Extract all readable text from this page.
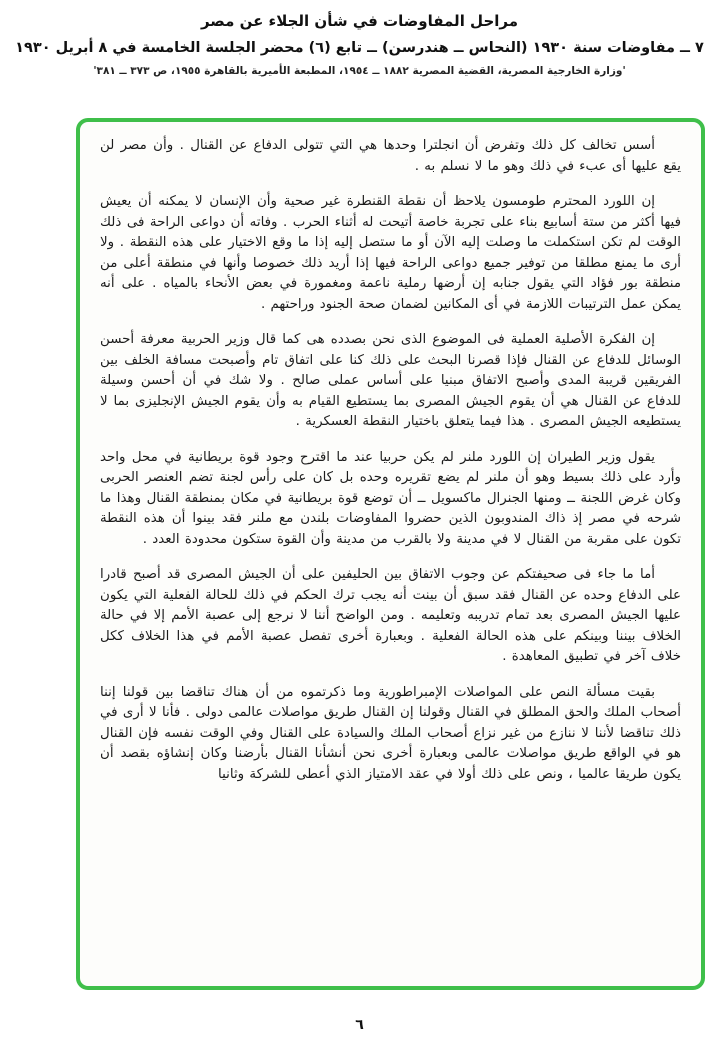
مراحل المفاوضات في شأن الجلاء عن مصر

٧ ــ مفاوضات سنة ١٩٣٠ (النحاس ــ هندرسن) ــ تابع (٦) محضر الجلسة الخامسة في ٨ أبريل ١٩٣٠

'وزارة الخارجية المصرية، القضية المصرية ١٨٨٢ ــ ١٩٥٤، المطبعة الأميرية بالقاهرة ١٩٥٥، ص ٣٧٣ ــ ٣٨١'

أسس تخالف كل ذلك وتفرض أن انجلترا وحدها هي التي تتولى الدفاع عن القنال . وأن مصر لن يقع عليها أى عبء في ذلك وهو ما لا نسلم به .

إن اللورد المحترم طومسون يلاحظ أن نقطة القنطرة غير صحية وأن الإنسان لا يمكنه أن يعيش فيها أكثر من ستة أسابيع بناء على تجربة خاصة أتيحت له أثناء الحرب . وفاته أن دواعى الراحة فى ذلك الوقت لم تكن استكملت ما وصلت إليه الآن أو ما ستصل إليه إذا ما وقع الاختيار على هذه النقطة . ولا أرى ما يمنع مطلقا من توفير جميع دواعى الراحة فيها إذا أريد ذلك خصوصا وأنها في منطقة أعلى من منطقة بور فؤاد التي يقول جنابه إن أرضها رملية ناعمة ومغمورة في بعض الأنحاء بالمياه . على أنه يمكن عمل الترتيبات اللازمة في أى المكانين لضمان صحة الجنود وراحتهم .

إن الفكرة الأصلية العملية فى الموضوع الذى نحن بصدده هى كما قال وزير الحربية معرفة أحسن الوسائل للدفاع عن القنال فإذا قصرنا البحث على ذلك كنا على اتفاق تام وأصبحت مسافة الخلف بين الفريقين قريبة المدى وأصبح الاتفاق مبنيا على أساس عملى صالح . ولا شك في أن أحسن وسيلة للدفاع عن القنال هي أن يقوم الجيش المصرى بما يستطيع القيام به وأن يقوم الجيش الإنجليزى بما لا يستطيعه الجيش المصرى . هذا فيما يتعلق باختيار النقطة العسكرية .

يقول وزير الطيران إن اللورد ملنر لم يكن حربيا عند ما اقترح وجود قوة بريطانية في محل واحد وأرد على ذلك بسيط وهو أن ملنر لم يضع تقريره وحده بل كان على رأس لجنة تضم العنصر الحربى وكان غرض اللجنة ــ ومنها الجنرال ماكسويل ــ أن توضع قوة بريطانية في مكان بمنطقة القنال وهذا ما شرحه في مصر إذ ذاك المندوبون الذين حضروا المفاوضات بلندن مع ملنر فقد بينوا أن هذه النقطة تكون على مقربة من القنال لا في مدينة ولا بالقرب من مدينة وأن القوة ستكون محدودة العدد .

أما ما جاء فى صحيفتكم عن وجوب الاتفاق بين الحليفين على أن الجيش المصرى قد أصبح قادرا على الدفاع وحده عن القنال فقد سبق أن بينت أنه يجب ترك الحكم في ذلك للحالة الفعلية التي يكون عليها الجيش المصرى بعد تمام تدريبه وتعليمه . ومن الواضح أننا لا نرجع إلى عصبة الأمم إلا في حالة الخلاف بيننا وبينكم على هذه الحالة الفعلية . وبعبارة أخرى تفصل عصبة الأمم في هذا الخلاف ككل خلاف آخر في تطبيق المعاهدة .

بقيت مسألة النص على المواصلات الإمبراطورية وما ذكرتموه من أن هناك تناقضا بين قولنا إننا أصحاب الملك والحق المطلق في القنال وقولنا إن القنال طريق مواصلات عالمى دولى . فأنا لا أرى في ذلك تناقضا لأننا لا ننازع من غير نزاع أصحاب الملك والسيادة على القنال وفي الوقت نفسه فإن القنال هو في الواقع طريق مواصلات عالمى وبعبارة أخرى نحن أنشأنا القنال بأرضنا وكان إنشاؤه بقصد أن يكون طريقا عالميا ، ونص على ذلك أولا في عقد الامتياز الذي أعطى للشركة وثانيا

٦
